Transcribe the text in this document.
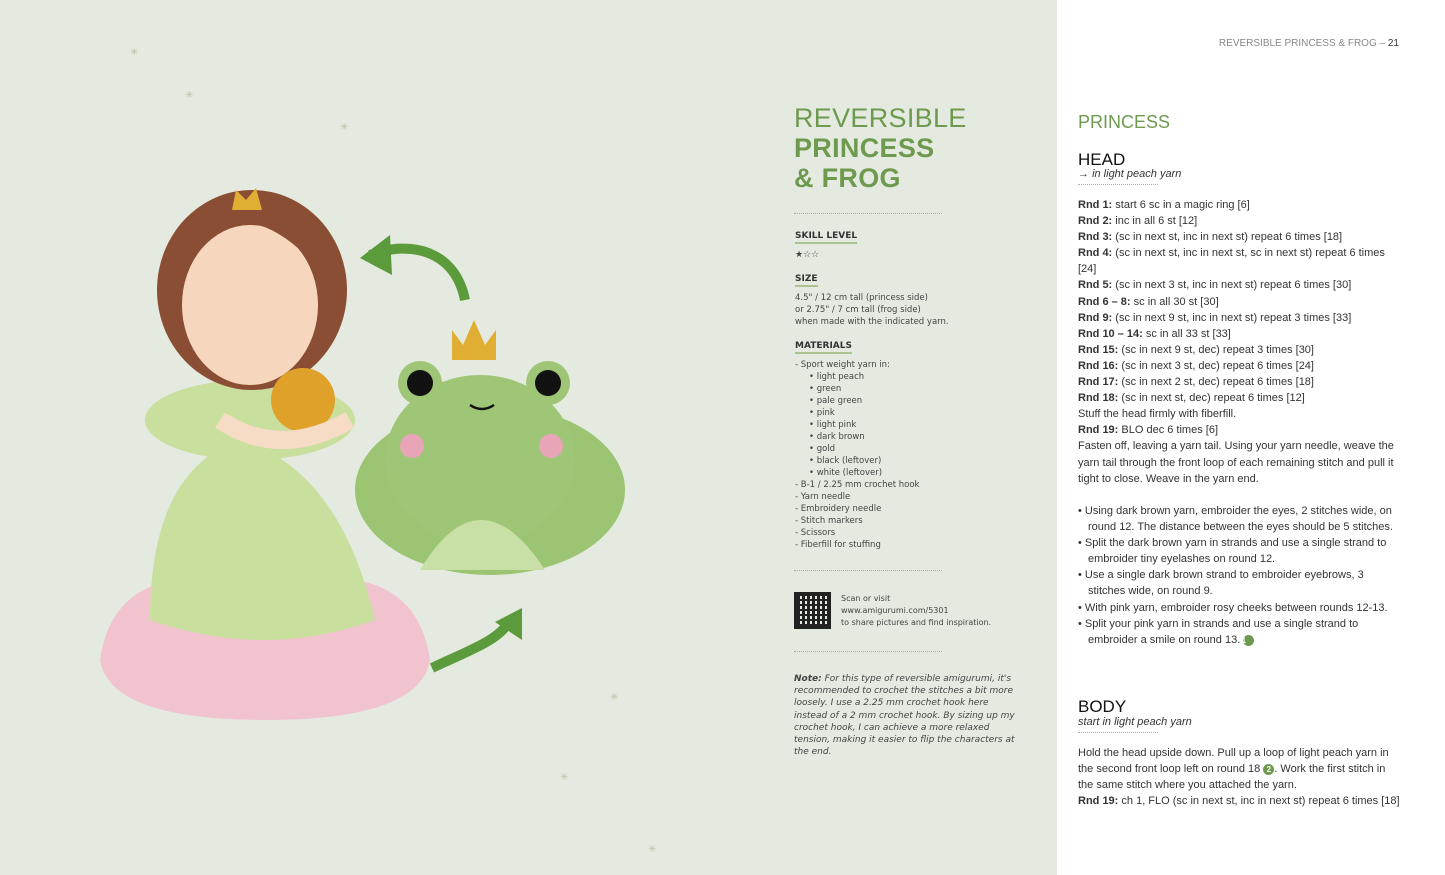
✳
✳
✳
✳
✳
✳
REVERSIBLE
PRINCESS
& FROG
SKILL LEVEL
★☆☆
SIZE
4.5" / 12 cm tall (princess side)
or 2.75" / 7 cm tall (frog side)
when made with the indicated yarn.
MATERIALS
- Sport weight yarn in:
• light peach
• green
• pale green
• pink
• light pink
• dark brown
• gold
• black (leftover)
• white (leftover)
- B-1 / 2.25 mm crochet hook
- Yarn needle
- Embroidery needle
- Stitch markers
- Scissors
- Fiberfill for stuffing
Scan or visit
www.amigurumi.com/5301
to share pictures and find inspiration.
Note: For this type of reversible amigurumi, it's recommended to crochet the stitches a bit more loosely. I use a 2.25 mm crochet hook here instead of a 2 mm crochet hook. By sizing up my crochet hook, I can achieve a more relaxed tension, making it easier to flip the characters at the end.
REVERSIBLE PRINCESS & FROG – 21
PRINCESS
HEAD
→ in light peach yarn
Rnd 1: start 6 sc in a magic ring [6]
Rnd 2: inc in all 6 st [12]
Rnd 3: (sc in next st, inc in next st) repeat 6 times [18]
Rnd 4: (sc in next st, inc in next st, sc in next st) repeat 6 times [24]
Rnd 5: (sc in next 3 st, inc in next st) repeat 6 times [30]
Rnd 6 – 8: sc in all 30 st [30]
Rnd 9: (sc in next 9 st, inc in next st) repeat 3 times [33]
Rnd 10 – 14: sc in all 33 st [33]
Rnd 15: (sc in next 9 st, dec) repeat 3 times [30]
Rnd 16: (sc in next 3 st, dec) repeat 6 times [24]
Rnd 17: (sc in next 2 st, dec) repeat 6 times [18]
Rnd 18: (sc in next st, dec) repeat 6 times [12]
Stuff the head firmly with fiberfill.
Rnd 19: BLO dec 6 times [6]
Fasten off, leaving a yarn tail. Using your yarn needle, weave the yarn tail through the front loop of each remaining stitch and pull it tight to close. Weave in the yarn end.
• Using dark brown yarn, embroider the eyes, 2 stitches wide, on round 12. The distance between the eyes should be 5 stitches.
• Split the dark brown yarn in strands and use a single strand to embroider tiny eyelashes on round 12.
• Use a single dark brown strand to embroider eyebrows, 3 stitches wide, on round 9.
• With pink yarn, embroider rosy cheeks between rounds 12-13.
• Split your pink yarn in strands and use a single strand to embroider a smile on round 13. 1
BODY
start in light peach yarn
Hold the head upside down. Pull up a loop of light peach yarn in the second front loop left on round 18 2 . Work the first stitch in the same stitch where you attached the yarn.
Rnd 19: ch 1, FLO (sc in next st, inc in next st) repeat 6 times [18]
